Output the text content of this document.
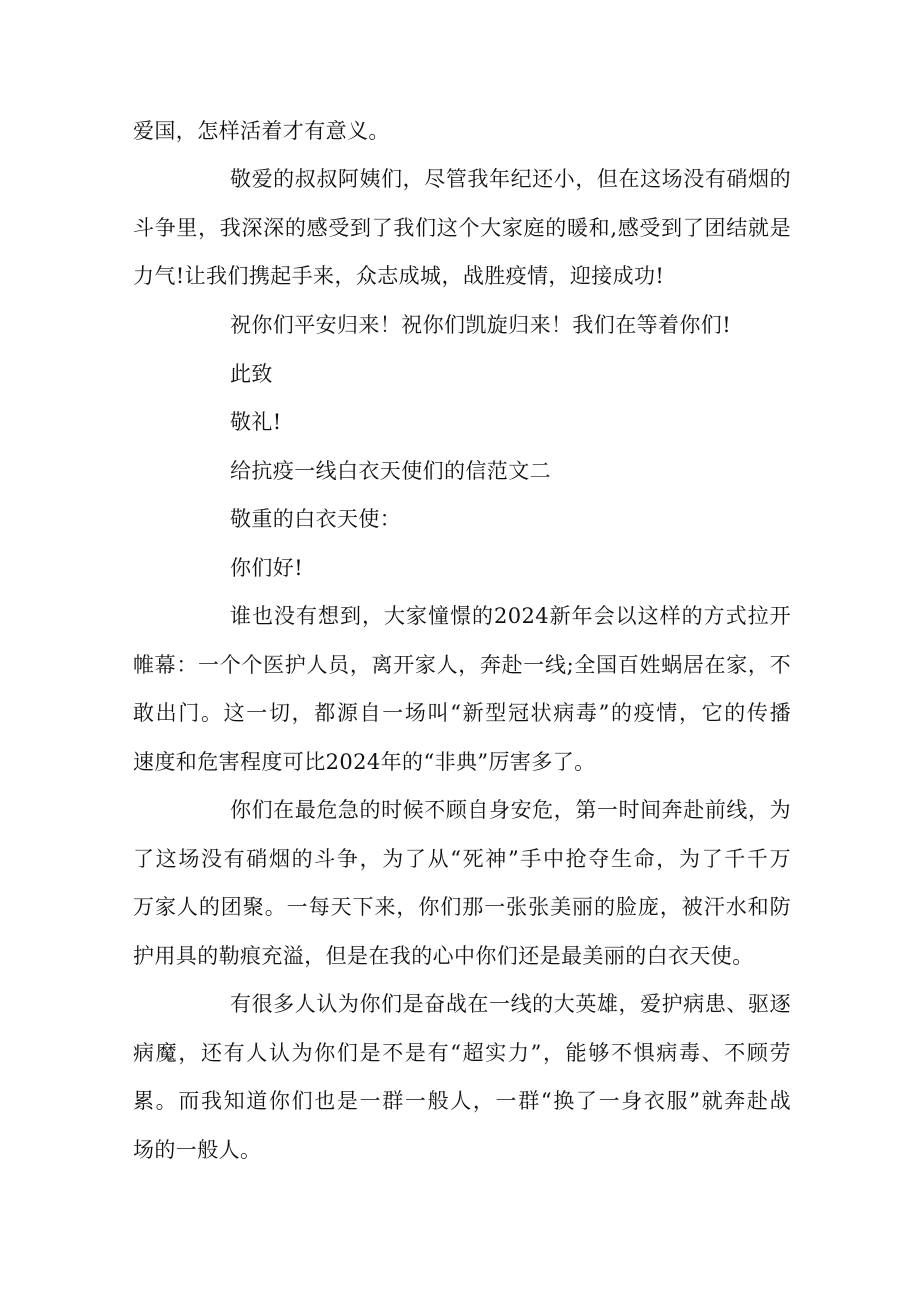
爱国，怎样活着才有意义。
敬爱的叔叔阿姨们，尽管我年纪还小，但在这场没有硝烟的
斗争里，我深深的感受到了我们这个大家庭的暖和,感受到了团结就是
力气!让我们携起手来，众志成城，战胜疫情，迎接成功!
祝你们平安归来！祝你们凯旋归来！我们在等着你们!
此致
敬礼!
给抗疫一线白衣天使们的信范文二
敬重的白衣天使：
你们好!
谁也没有想到，大家憧憬的2024新年会以这样的方式拉开
帷幕：一个个医护人员，离开家人，奔赴一线;全国百姓蜗居在家，不
敢出门。这一切，都源自一场叫“新型冠状病毒”的疫情，它的传播
速度和危害程度可比2024年的“非典”厉害多了。
你们在最危急的时候不顾自身安危，第一时间奔赴前线，为
了这场没有硝烟的斗争，为了从“死神”手中抢夺生命，为了千千万
万家人的团聚。一每天下来，你们那一张张美丽的脸庞，被汗水和防
护用具的勒痕充溢，但是在我的心中你们还是最美丽的白衣天使。
有很多人认为你们是奋战在一线的大英雄，爱护病患、驱逐
病魔，还有人认为你们是不是有“超实力”，能够不惧病毒、不顾劳
累。而我知道你们也是一群一般人，一群“换了一身衣服”就奔赴战
场的一般人。
